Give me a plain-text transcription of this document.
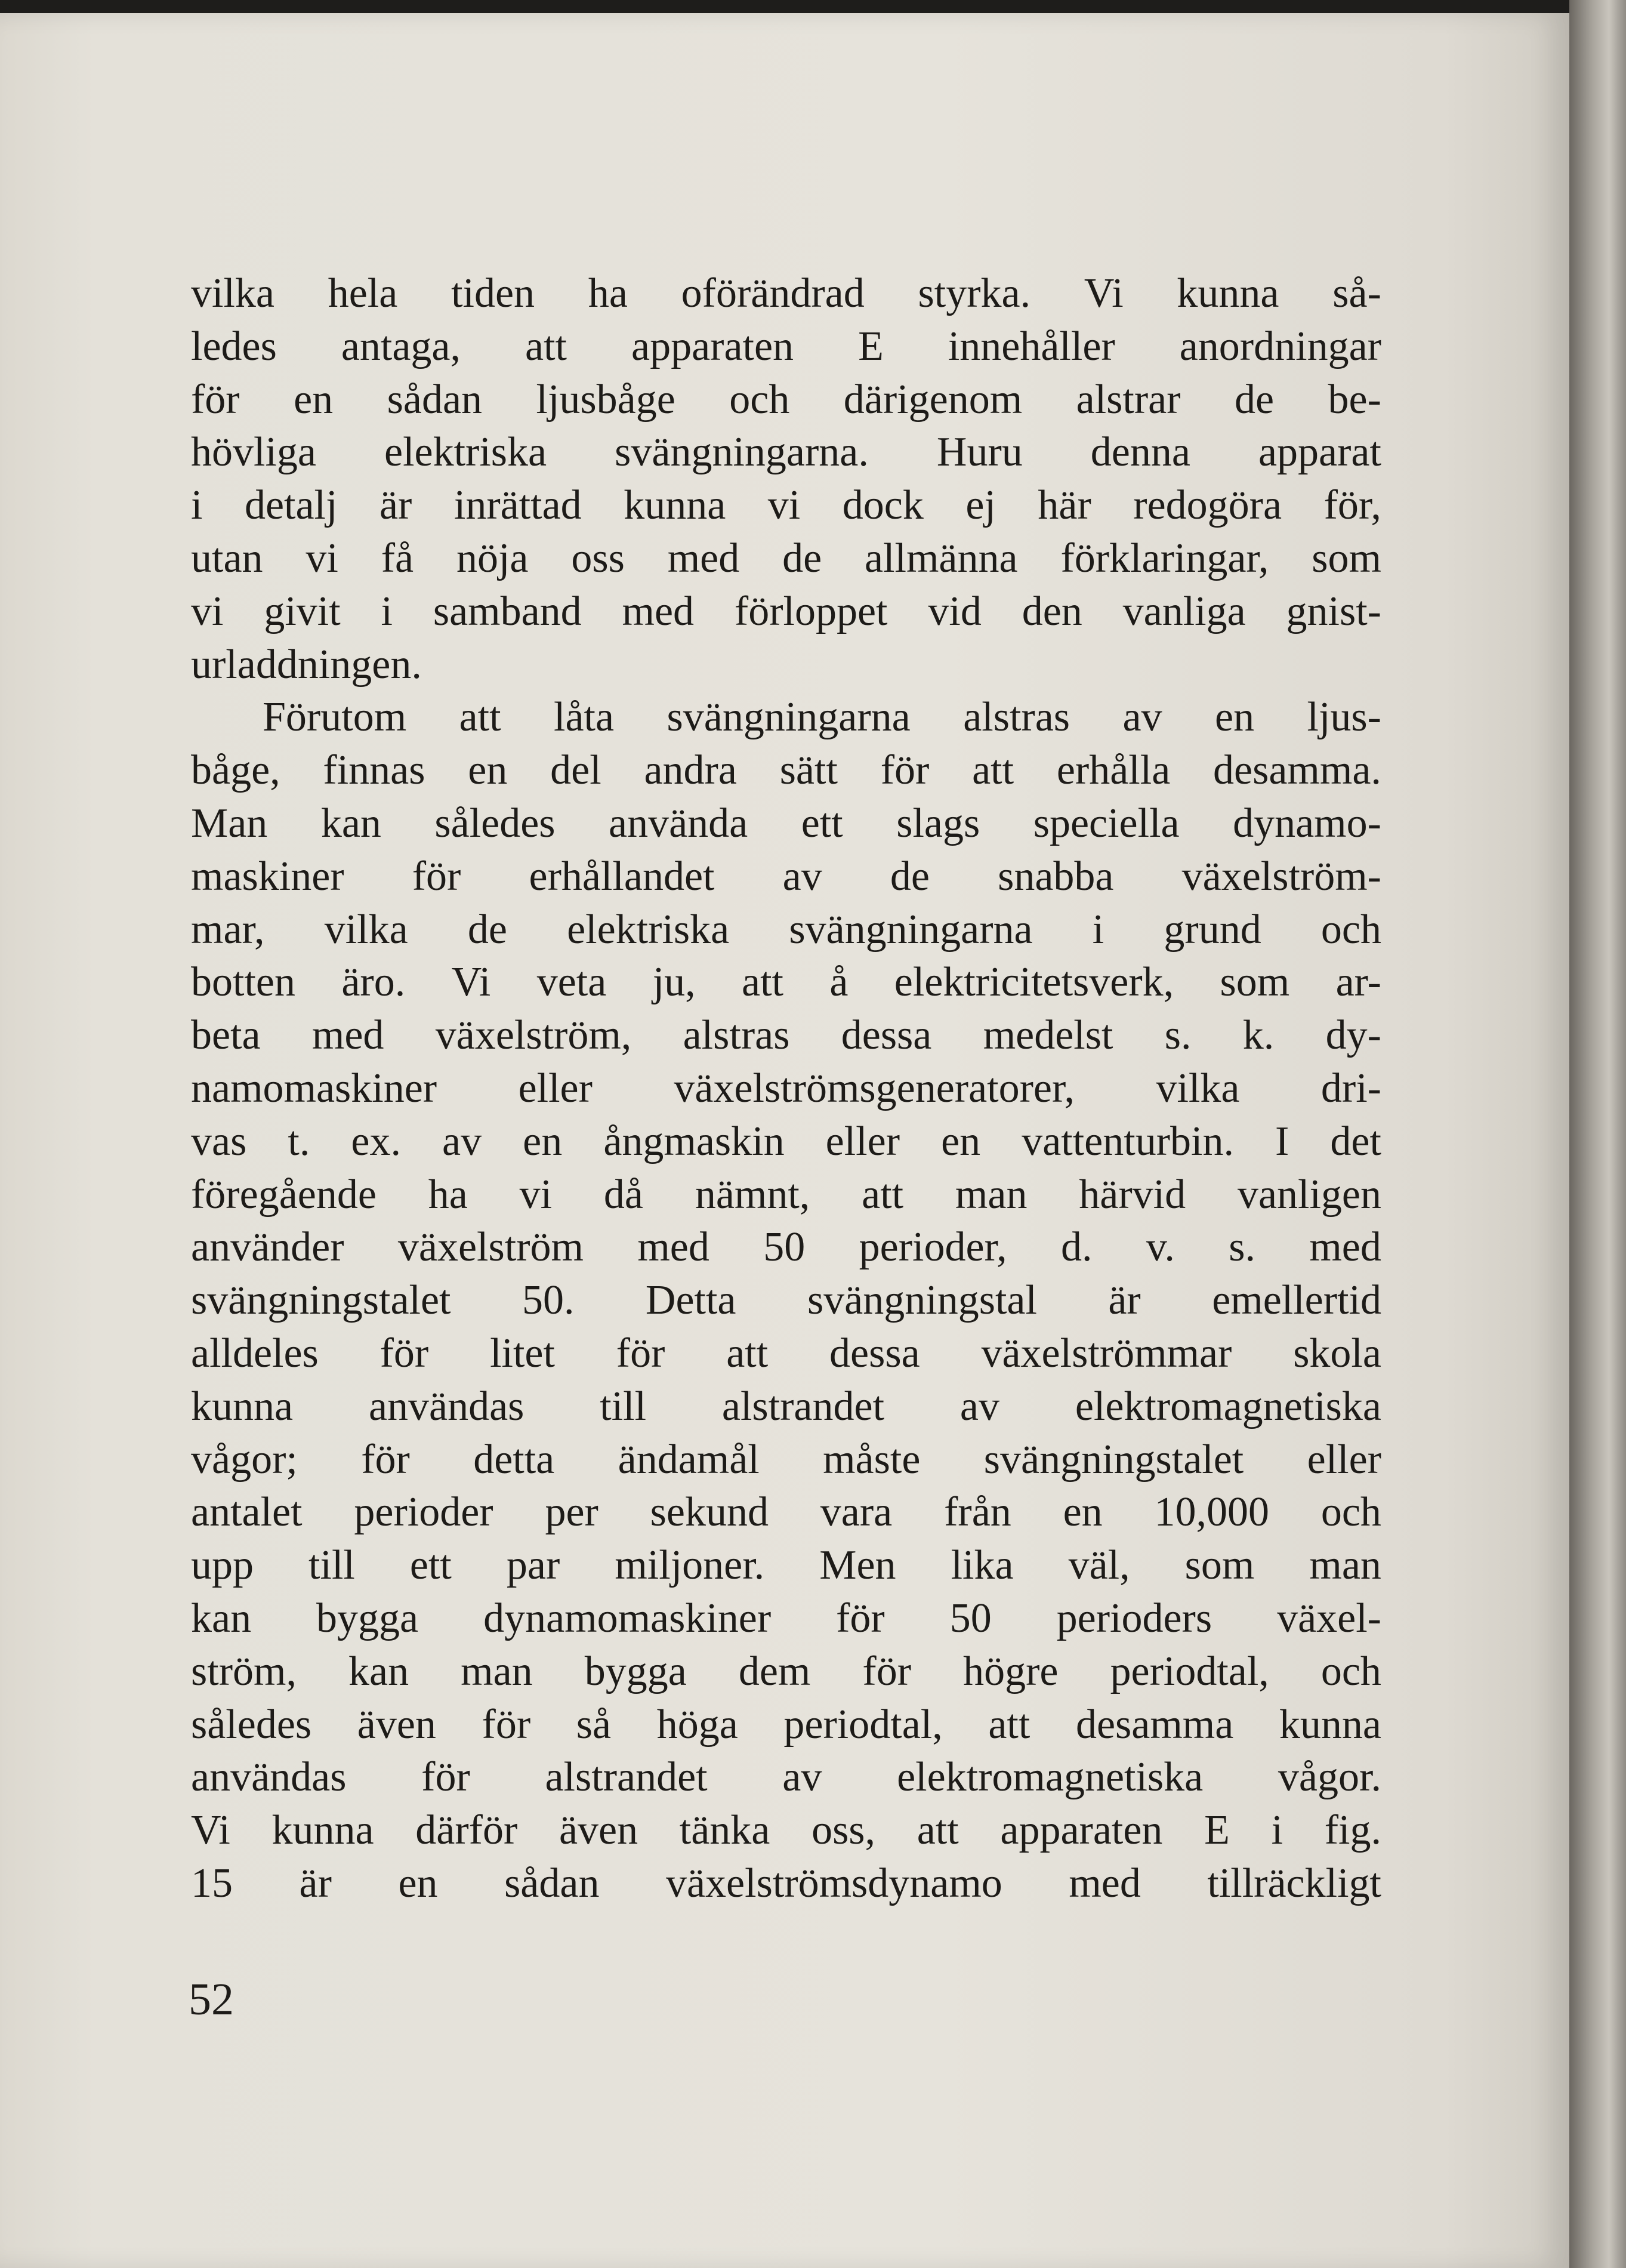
vilka hela tiden ha oförändrad styrka. Vi kunna så-
ledes antaga, att apparaten E innehåller anordningar
för en sådan ljusbåge och därigenom alstrar de be-
hövliga elektriska svängningarna. Huru denna apparat
i detalj är inrättad kunna vi dock ej här redogöra för,
utan vi få nöja oss med de allmänna förklaringar, som
vi givit i samband med förloppet vid den vanliga gnist-
urladdningen.
Förutom att låta svängningarna alstras av en ljus-
båge, finnas en del andra sätt för att erhålla desamma.
Man kan således använda ett slags speciella dynamo-
maskiner för erhållandet av de snabba växelström-
mar, vilka de elektriska svängningarna i grund och
botten äro. Vi veta ju, att å elektricitetsverk, som ar-
beta med växelström, alstras dessa medelst s. k. dy-
namomaskiner eller växelströmsgeneratorer, vilka dri-
vas t. ex. av en ångmaskin eller en vattenturbin. I det
föregående ha vi då nämnt, att man härvid vanligen
använder växelström med 50 perioder, d. v. s. med
svängningstalet 50. Detta svängningstal är emellertid
alldeles för litet för att dessa växelströmmar skola
kunna användas till alstrandet av elektromagnetiska
vågor; för detta ändamål måste svängningstalet eller
antalet perioder per sekund vara från en 10,000 och
upp till ett par miljoner. Men lika väl, som man
kan bygga dynamomaskiner för 50 perioders växel-
ström, kan man bygga dem för högre periodtal, och
således även för så höga periodtal, att desamma kunna
användas för alstrandet av elektromagnetiska vågor.
Vi kunna därför även tänka oss, att apparaten E i fig.
15 är en sådan växelströmsdynamo med tillräckligt
52
